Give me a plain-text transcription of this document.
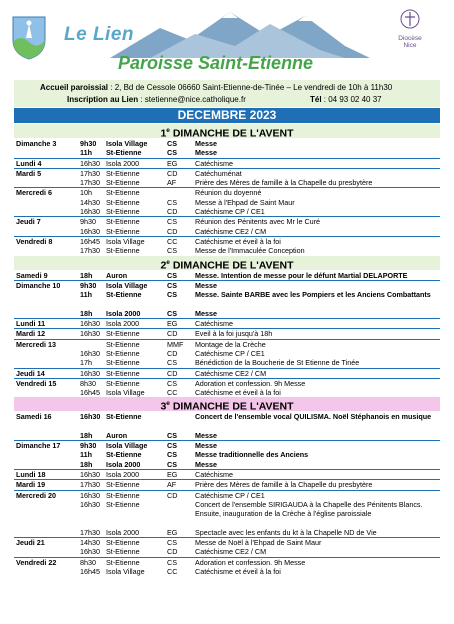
Le Lien
Paroisse Saint-Etienne
Diocèse
Nice
Accueil paroissial : 2, Bd de Cessole 06660 Saint-Etienne-de-Tinée – Le vendredi de 10h à 11h30
Inscription au Lien : stetienne@nice.catholique.fr	Tél : 04 93 02 40 37
DECEMBRE 2023
1e DIMANCHE DE L'AVENT
Dimanche 3	9h30 Isola Village	CS	Messe
11h St-Etienne	CS	Messe
Lundi 4	16h30 Isola 2000	EG Catéchisme
Mardi 5	17h30 St-Etienne	CD Catéchuménat
17h30 St-Etienne	AF	Prière des Mères de famille à la Chapelle du presbytère
Mercredi 6	10h St-Etienne	Réunion du doyenné
14h30 St-Etienne	CS	Messe à l'Ehpad de Saint Maur
16h30 St-Etienne	CD Catéchisme CP / CE1
Jeudi 7	9h30 St-Etienne	CS	Réunion des Pénitents avec Mr le Curé
16h30 St-Etienne	CD Catéchisme CE2 / CM
Vendredi 8	16h45 Isola Village	CC Catéchisme et éveil à la foi
17h30 St-Etienne	CS	Messe de l'Immaculée Conception
2e DIMANCHE DE L'AVENT
Samedi 9	18h Auron	CS	Messe. Intention de messe pour le défunt Martial DELAPORTE
Dimanche 10	9h30 Isola Village	CS	Messe
11h St-Etienne	CS	Messe. Sainte BARBE avec les Pompiers et les Anciens Combattants
18h Isola 2000	CS	Messe
Lundi 11	16h30 Isola 2000	EG Catéchisme
Mardi 12	16h30 St-Etienne	CD Eveil à la foi jusqu'à 18h
Mercredi 13	St-Etienne	MMF Montage de la Crèche
16h30 St-Etienne	CD Catéchisme CP / CE1
17h St-Etienne	CS	Bénédiction de la Boucherie de St Etienne de Tinée
Jeudi 14	16h30 St-Etienne	CD Catéchisme CE2 / CM
Vendredi 15	8h30 St-Etienne	CS	Adoration et confession. 9h Messe
16h45 Isola Village	CC Catéchisme et éveil à la foi
3e DIMANCHE DE L'AVENT
Samedi 16	16h30 St-Etienne	Concert de l'ensemble vocal QUILISMA. Noël Stéphanois en musique
18h Auron	CS	Messe
Dimanche 17	9h30 Isola Village	CS	Messe
11h St-Etienne	CS	Messe traditionnelle des Anciens
18h Isola 2000	CS	Messe
Lundi 18	16h30 Isola 2000	EG Catéchisme
Mardi 19	17h30 St-Etienne	AF	Prière des Mères de famille à la Chapelle du presbytère
Mercredi 20	16h30 St-Etienne	CD Catéchisme CP / CE1
16h30 St-Etienne	Concert de l'ensemble SIRIGAUDA à la Chapelle des Pénitents Blancs. Ensuite, inauguration de la Crèche à l'église paroissiale
17h30 Isola 2000	EG Spectacle avec les enfants du kt à la Chapelle ND de Vie
Jeudi 21	14h30 St-Etienne	CS	Messe de Noël à l'Ehpad de Saint Maur
16h30 St-Etienne	CD Catéchisme CE2 / CM
Vendredi 22	8h30 St-Etienne	CS	Adoration et confession. 9h Messe
16h45 Isola Village	CC Catéchisme et éveil à la foi
